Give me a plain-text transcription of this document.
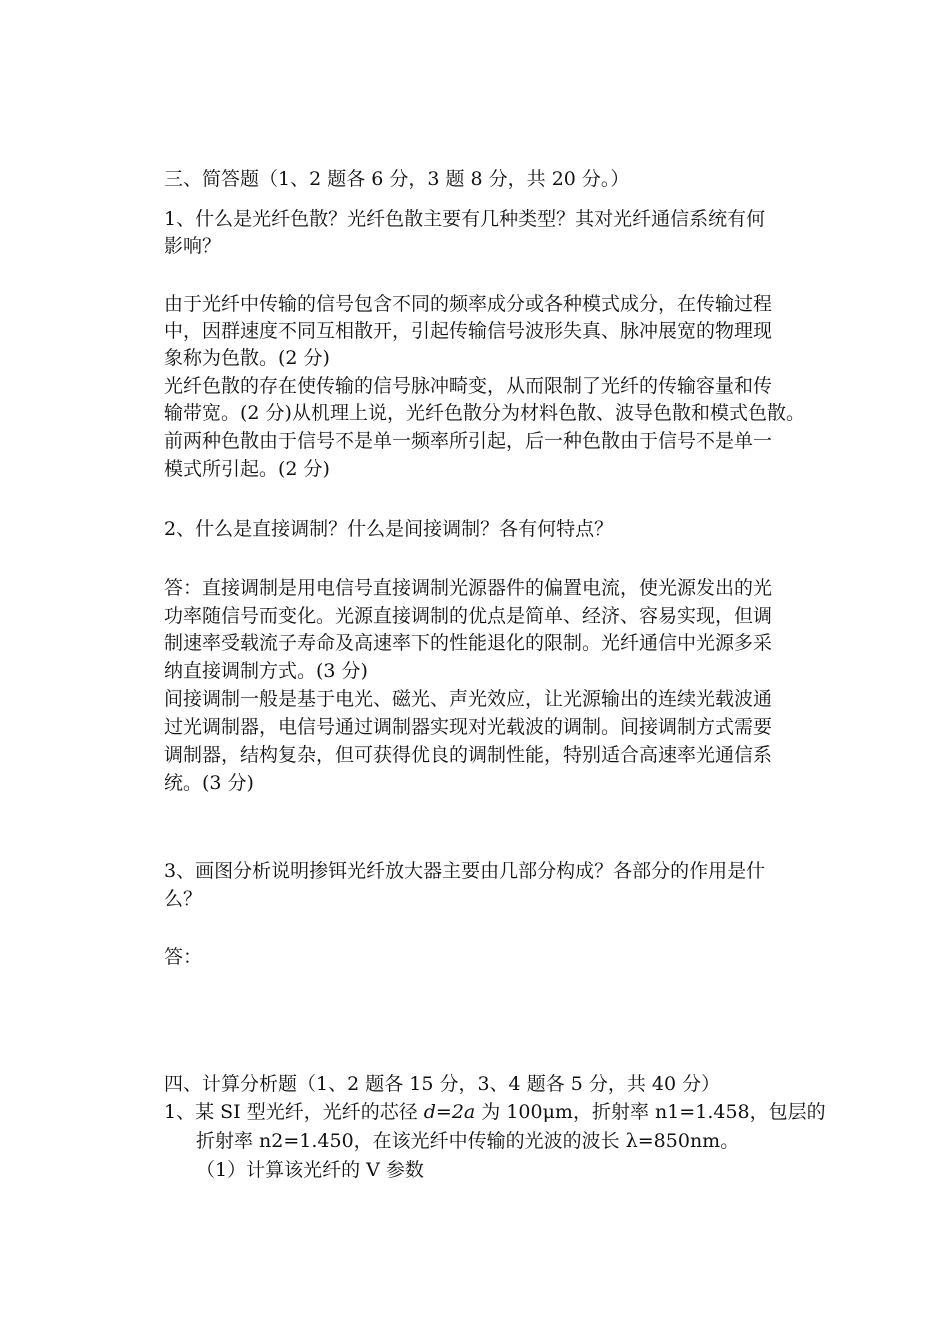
三、简答题（1、2 题各 6 分，3 题 8 分，共 20 分。）
1、什么是光纤色散？光纤色散主要有几种类型？其对光纤通信系统有何
影响？
由于光纤中传输的信号包含不同的频率成分或各种模式成分，在传输过程
中，因群速度不同互相散开，引起传输信号波形失真、脉冲展宽的物理现
象称为色散。(2 分)
光纤色散的存在使传输的信号脉冲畸变，从而限制了光纤的传输容量和传
输带宽。(2 分)从机理上说，光纤色散分为材料色散、波导色散和模式色散。
前两种色散由于信号不是单一频率所引起，后一种色散由于信号不是单一
模式所引起。(2 分)
2、什么是直接调制？什么是间接调制？各有何特点？
答：直接调制是用电信号直接调制光源器件的偏置电流，使光源发出的光
功率随信号而变化。光源直接调制的优点是简单、经济、容易实现，但调
制速率受载流子寿命及高速率下的性能退化的限制。光纤通信中光源多采
纳直接调制方式。(3 分)
间接调制一般是基于电光、磁光、声光效应，让光源输出的连续光载波通
过光调制器，电信号通过调制器实现对光载波的调制。间接调制方式需要
调制器，结构复杂，但可获得优良的调制性能，特别适合高速率光通信系
统。(3 分)
3、画图分析说明掺铒光纤放大器主要由几部分构成？各部分的作用是什
么？
答：
四、计算分析题（1、2 题各 15 分，3、4 题各 5 分，共 40 分）
1、某 SI 型光纤，光纤的芯径 d=2a 为 100μm，折射率 n1=1.458，包层的
折射率 n2=1.450，在该光纤中传输的光波的波长 λ=850nm。
（1）计算该光纤的 V 参数
